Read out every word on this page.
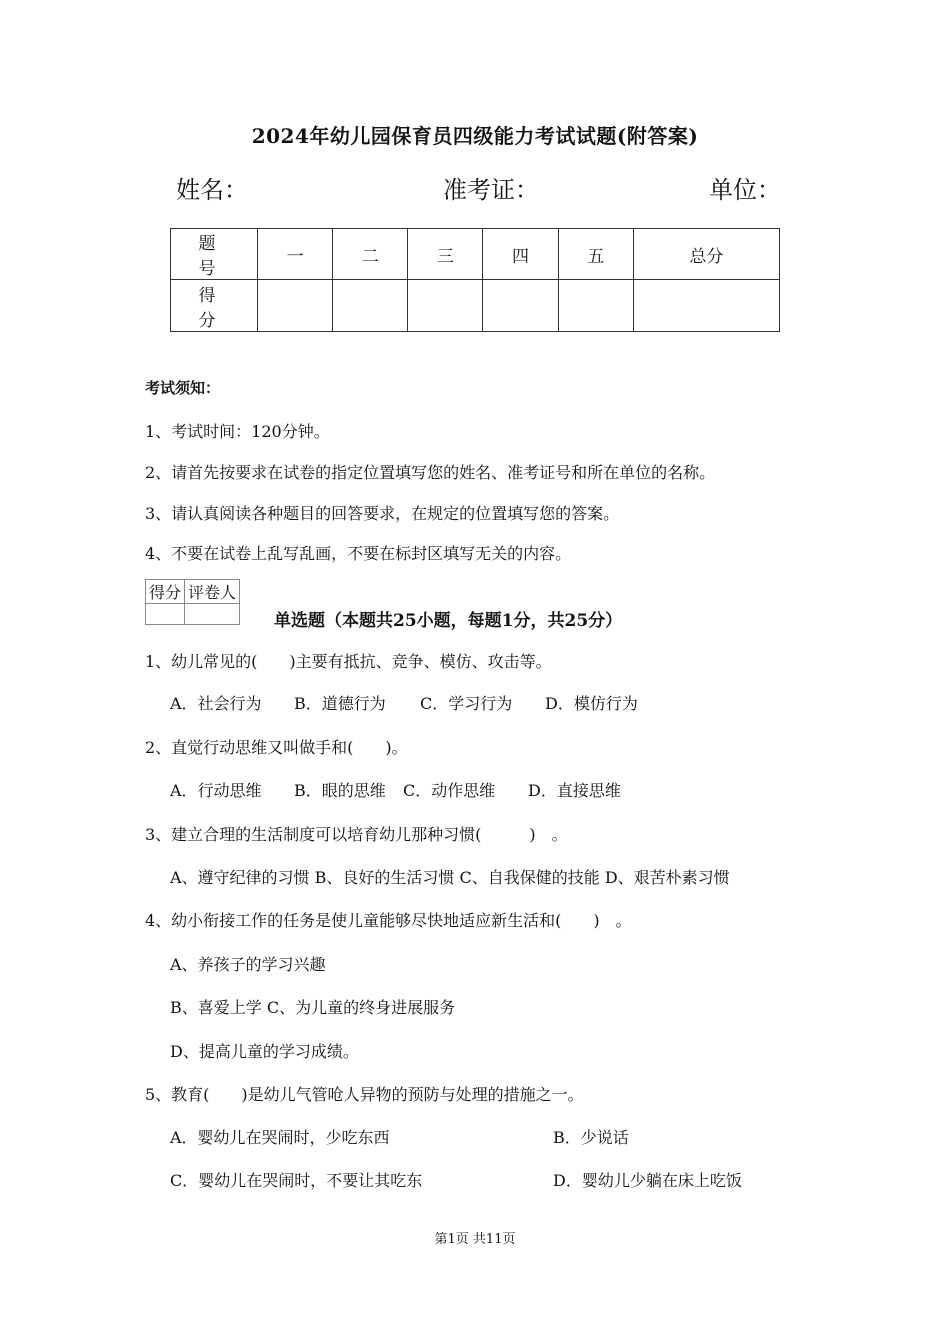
2024年幼儿园保育员四级能力考试试题(附答案)
姓名：	准考证：	单位：
题　号	一	二	三	四	五	总分
得　分						
考试须知：
1、考试时间：120分钟。
2、请首先按要求在试卷的指定位置填写您的姓名、准考证号和所在单位的名称。
3、请认真阅读各种题目的回答要求，在规定的位置填写您的答案。
4、不要在试卷上乱写乱画，不要在标封区填写无关的内容。
得分	评卷人

单选题（本题共25小题，每题1分，共25分）
1、幼儿常见的(　　)主要有抵抗、竞争、模仿、攻击等。
A．社会行为 B．道德行为 C．学习行为 D．模仿行为
2、直觉行动思维又叫做手和(　　)。
A．行动思维 B．眼的思维 C．动作思维 D．直接思维
3、建立合理的生活制度可以培育幼儿那种习惯(　　　)　。
A、遵守纪律的习惯 B、良好的生活习惯 C、自我保健的技能 D、艰苦朴素习惯
4、幼小衔接工作的任务是使儿童能够尽快地适应新生活和(　　)　。
A、养孩子的学习兴趣
B、喜爱上学 C、为儿童的终身进展服务
D、提高儿童的学习成绩。
5、教育(　　)是幼儿气管呛人异物的预防与处理的措施之一。
A．婴幼儿在哭闹时，少吃东西	B．少说话
C．婴幼儿在哭闹时，不要让其吃东	D．婴幼儿少躺在床上吃饭
第1页 共11页
